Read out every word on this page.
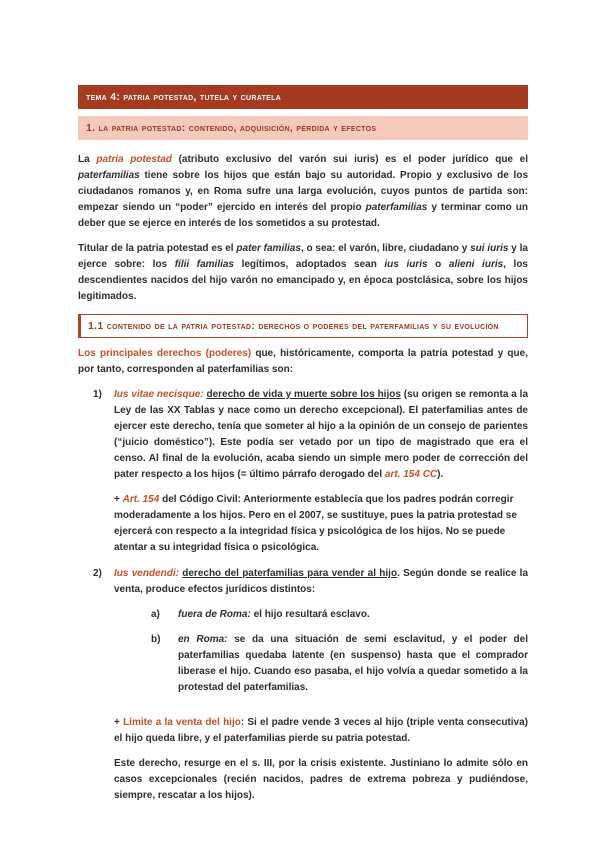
tema 4: patria potestad, tutela y curatela
1. la patria potestad: contenido, adquisición, pérdida y efectos

La patria potestad (atributo exclusivo del varón sui iuris) es el poder jurídico que el paterfamilias tiene sobre los hijos que están bajo su autoridad. Propio y exclusivo de los ciudadanos romanos y, en Roma sufre una larga evolución, cuyos puntos de partida son: empezar siendo un “poder” ejercido en interés del propio paterfamilias y terminar como un deber que se ejerce en interés de los sometidos a su protestad.

Titular de la patria potestad es el pater familias, o sea: el varón, libre, ciudadano y sui iuris y la ejerce sobre: los filii familias legítimos, adoptados sean ius iuris o alieni iuris, los descendientes nacidos del hijo varón no emancipado y, en época postclásica, sobre los hijos legitimados.

1.1 contenido de la patria potestad: derechos o poderes del paterfamilias y su evolución

Los principales derechos (poderes) que, históricamente, comporta la patria potestad y que, por tanto, corresponden al paterfamilias son:

1)	Ius vitae necisque: derecho de vida y muerte sobre los hijos (su origen se remonta a la Ley de las XX Tablas y nace como un derecho excepcional). El paterfamilias antes de ejercer este derecho, tenía que someter al hijo a la opinión de un consejo de parientes (“juicio doméstico”). Este podía ser vetado por un tipo de magistrado que era el censo. Al final de la evolución, acaba siendo un simple mero poder de corrección del pater respecto a los hijos (= último párrafo derogado del art. 154 CC).

+ Art. 154 del Código Civil: Anteriormente establecía que los padres podrán corregir moderadamente a los hijos. Pero en el 2007, se sustituye, pues la patria protestad se ejercerá con respecto a la integridad física y psicológica de los hijos. No se puede atentar a su integridad física o psicológica.

2)	Ius vendendi: derecho del paterfamilias para vender al hijo. Según donde se realice la venta, produce efectos jurídicos distintos:

a)	fuera de Roma: el hijo resultará esclavo.

b)	en Roma: se da una situación de semi esclavitud, y el poder del paterfamilias quedaba latente (en suspenso) hasta que el comprador liberase el hijo. Cuando eso pasaba, el hijo volvía a quedar sometido a la protestad del paterfamilias.

+ Límite a la venta del hijo: Si el padre vende 3 veces al hijo (triple venta consecutiva) el hijo queda libre, y el paterfamilias pierde su patria potestad.

Este derecho, resurge en el s. III, por la crisis existente. Justiniano lo admite sólo en casos excepcionales (recién nacidos, padres de extrema pobreza y pudiéndose, siempre, rescatar a los hijos).
